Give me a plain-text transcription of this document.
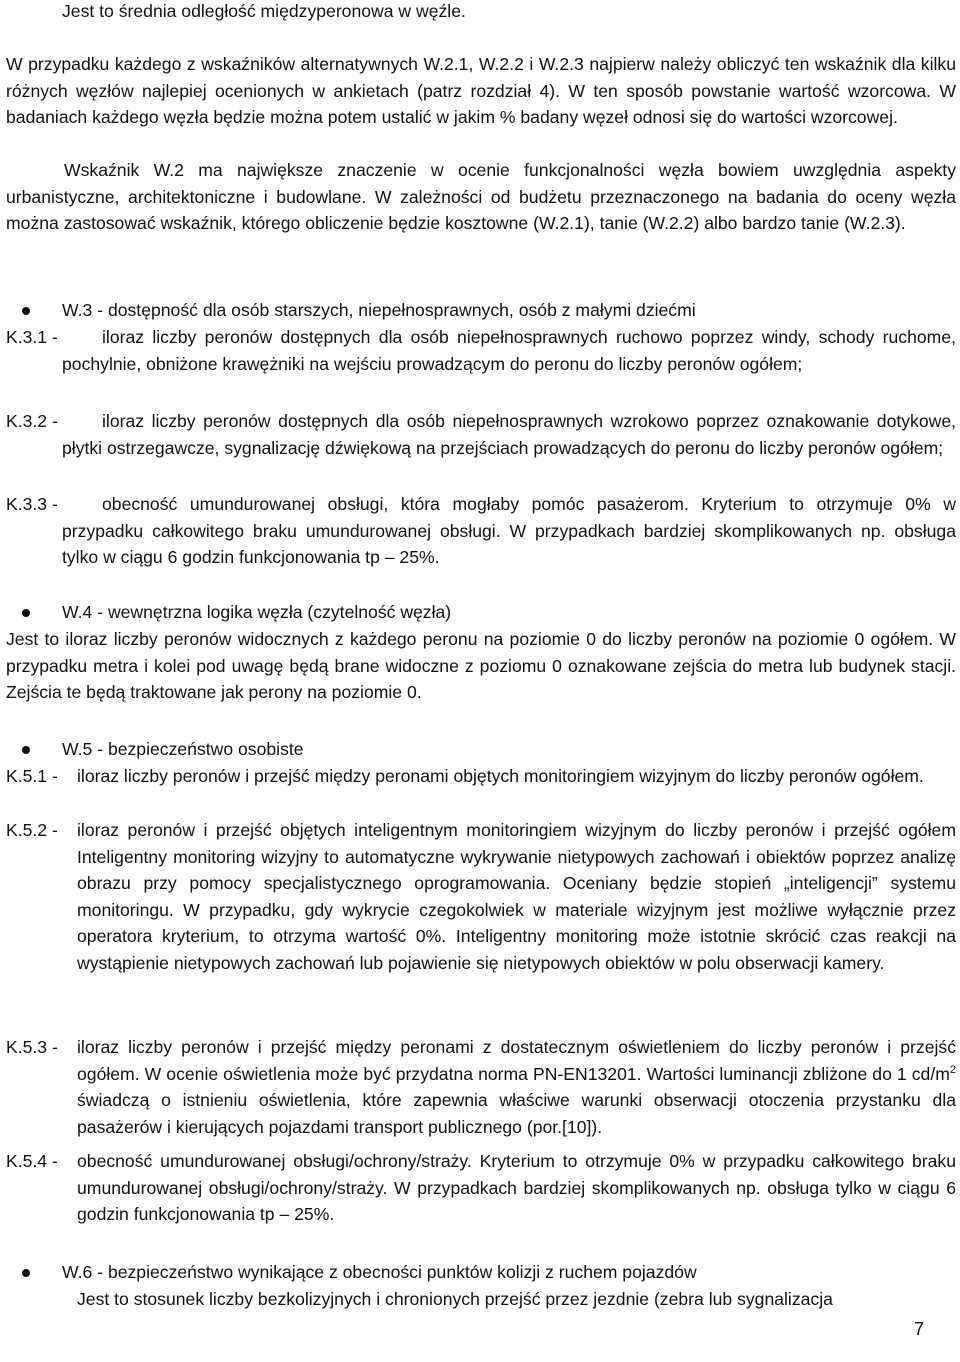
Jest to średnia odległość międzyperonowa w węźle.

W przypadku każdego z wskaźników alternatywnych W.2.1, W.2.2 i W.2.3 najpierw należy obliczyć ten wskaźnik dla kilku różnych węzłów najlepiej ocenionych w ankietach (patrz rozdział 4). W ten sposób powstanie wartość wzorcowa. W badaniach każdego węzła będzie można potem ustalić w jakim % badany węzeł odnosi się do wartości wzorcowej.

Wskaźnik W.2 ma największe znaczenie w ocenie funkcjonalności węzła bowiem uwzględnia aspekty urbanistyczne, architektoniczne i budowlane. W zależności od budżetu przeznaczonego na badania do oceny węzła można zastosować wskaźnik, którego obliczenie będzie kosztowne (W.2.1), tanie (W.2.2) albo bardzo tanie (W.2.3).

W.3 - dostępność dla osób starszych, niepełnosprawnych, osób z małymi dziećmi
K.3.1 -	iloraz liczby peronów dostępnych dla osób niepełnosprawnych ruchowo poprzez windy, schody ruchome, pochylnie, obniżone krawężniki na wejściu prowadzącym do peronu do liczby peronów ogółem;

K.3.2 -	iloraz liczby peronów dostępnych dla osób niepełnosprawnych wzrokowo poprzez oznakowanie dotykowe, płytki ostrzegawcze, sygnalizację dźwiękową na przejściach prowadzących do peronu do liczby peronów ogółem;

K.3.3 -	obecność umundurowanej obsługi, która mogłaby pomóc pasażerom. Kryterium to otrzymuje 0% w przypadku całkowitego braku umundurowanej obsługi. W przypadkach bardziej skomplikowanych np. obsługa tylko w ciągu 6 godzin funkcjonowania tp – 25%.

W.4 - wewnętrzna logika węzła (czytelność węzła)

Jest to iloraz liczby peronów widocznych z każdego peronu na poziomie 0 do liczby peronów na poziomie 0 ogółem. W przypadku metra i kolei pod uwagę będą brane widoczne z poziomu 0 oznakowane zejścia do metra lub budynek stacji. Zejścia te będą traktowane jak perony na poziomie 0.

W.5 - bezpieczeństwo osobiste
K.5.1 - iloraz liczby peronów i przejść między peronami objętych monitoringiem wizyjnym do liczby peronów ogółem.

K.5.2 - iloraz peronów i przejść objętych inteligentnym monitoringiem wizyjnym do liczby peronów i przejść ogółem Inteligentny monitoring wizyjny to automatyczne wykrywanie nietypowych zachowań i obiektów poprzez analizę obrazu przy pomocy specjalistycznego oprogramowania. Oceniany będzie stopień „inteligencji” systemu monitoringu. W przypadku, gdy wykrycie czegokolwiek w materiale wizyjnym jest możliwe wyłącznie przez operatora kryterium, to otrzyma wartość 0%. Inteligentny monitoring może istotnie skrócić czas reakcji na wystąpienie nietypowych zachowań lub pojawienie się nietypowych obiektów w polu obserwacji kamery.

K.5.3 - iloraz liczby peronów i przejść między peronami z dostatecznym oświetleniem do liczby peronów i przejść ogółem. W ocenie oświetlenia może być przydatna norma PN-EN13201. Wartości luminancji zbliżone do 1 $cd/m^2$ świadczą o istnieniu oświetlenia, które zapewnia właściwe warunki obserwacji otoczenia przystanku dla pasażerów i kierujących pojazdami transport publicznego (por.[10]).

K.5.4 - obecność umundurowanej obsługi/ochrony/straży. Kryterium to otrzymuje 0% w przypadku całkowitego braku umundurowanej obsługi/ochrony/straży. W przypadkach bardziej skomplikowanych np. obsługa tylko w ciągu 6 godzin funkcjonowania tp – 25%.

W.6 - bezpieczeństwo wynikające z obecności punktów kolizji z ruchem pojazdów
Jest to stosunek liczby bezkolizyjnych i chronionych przejść przez jezdnie (zebra lub sygnalizacja
7
